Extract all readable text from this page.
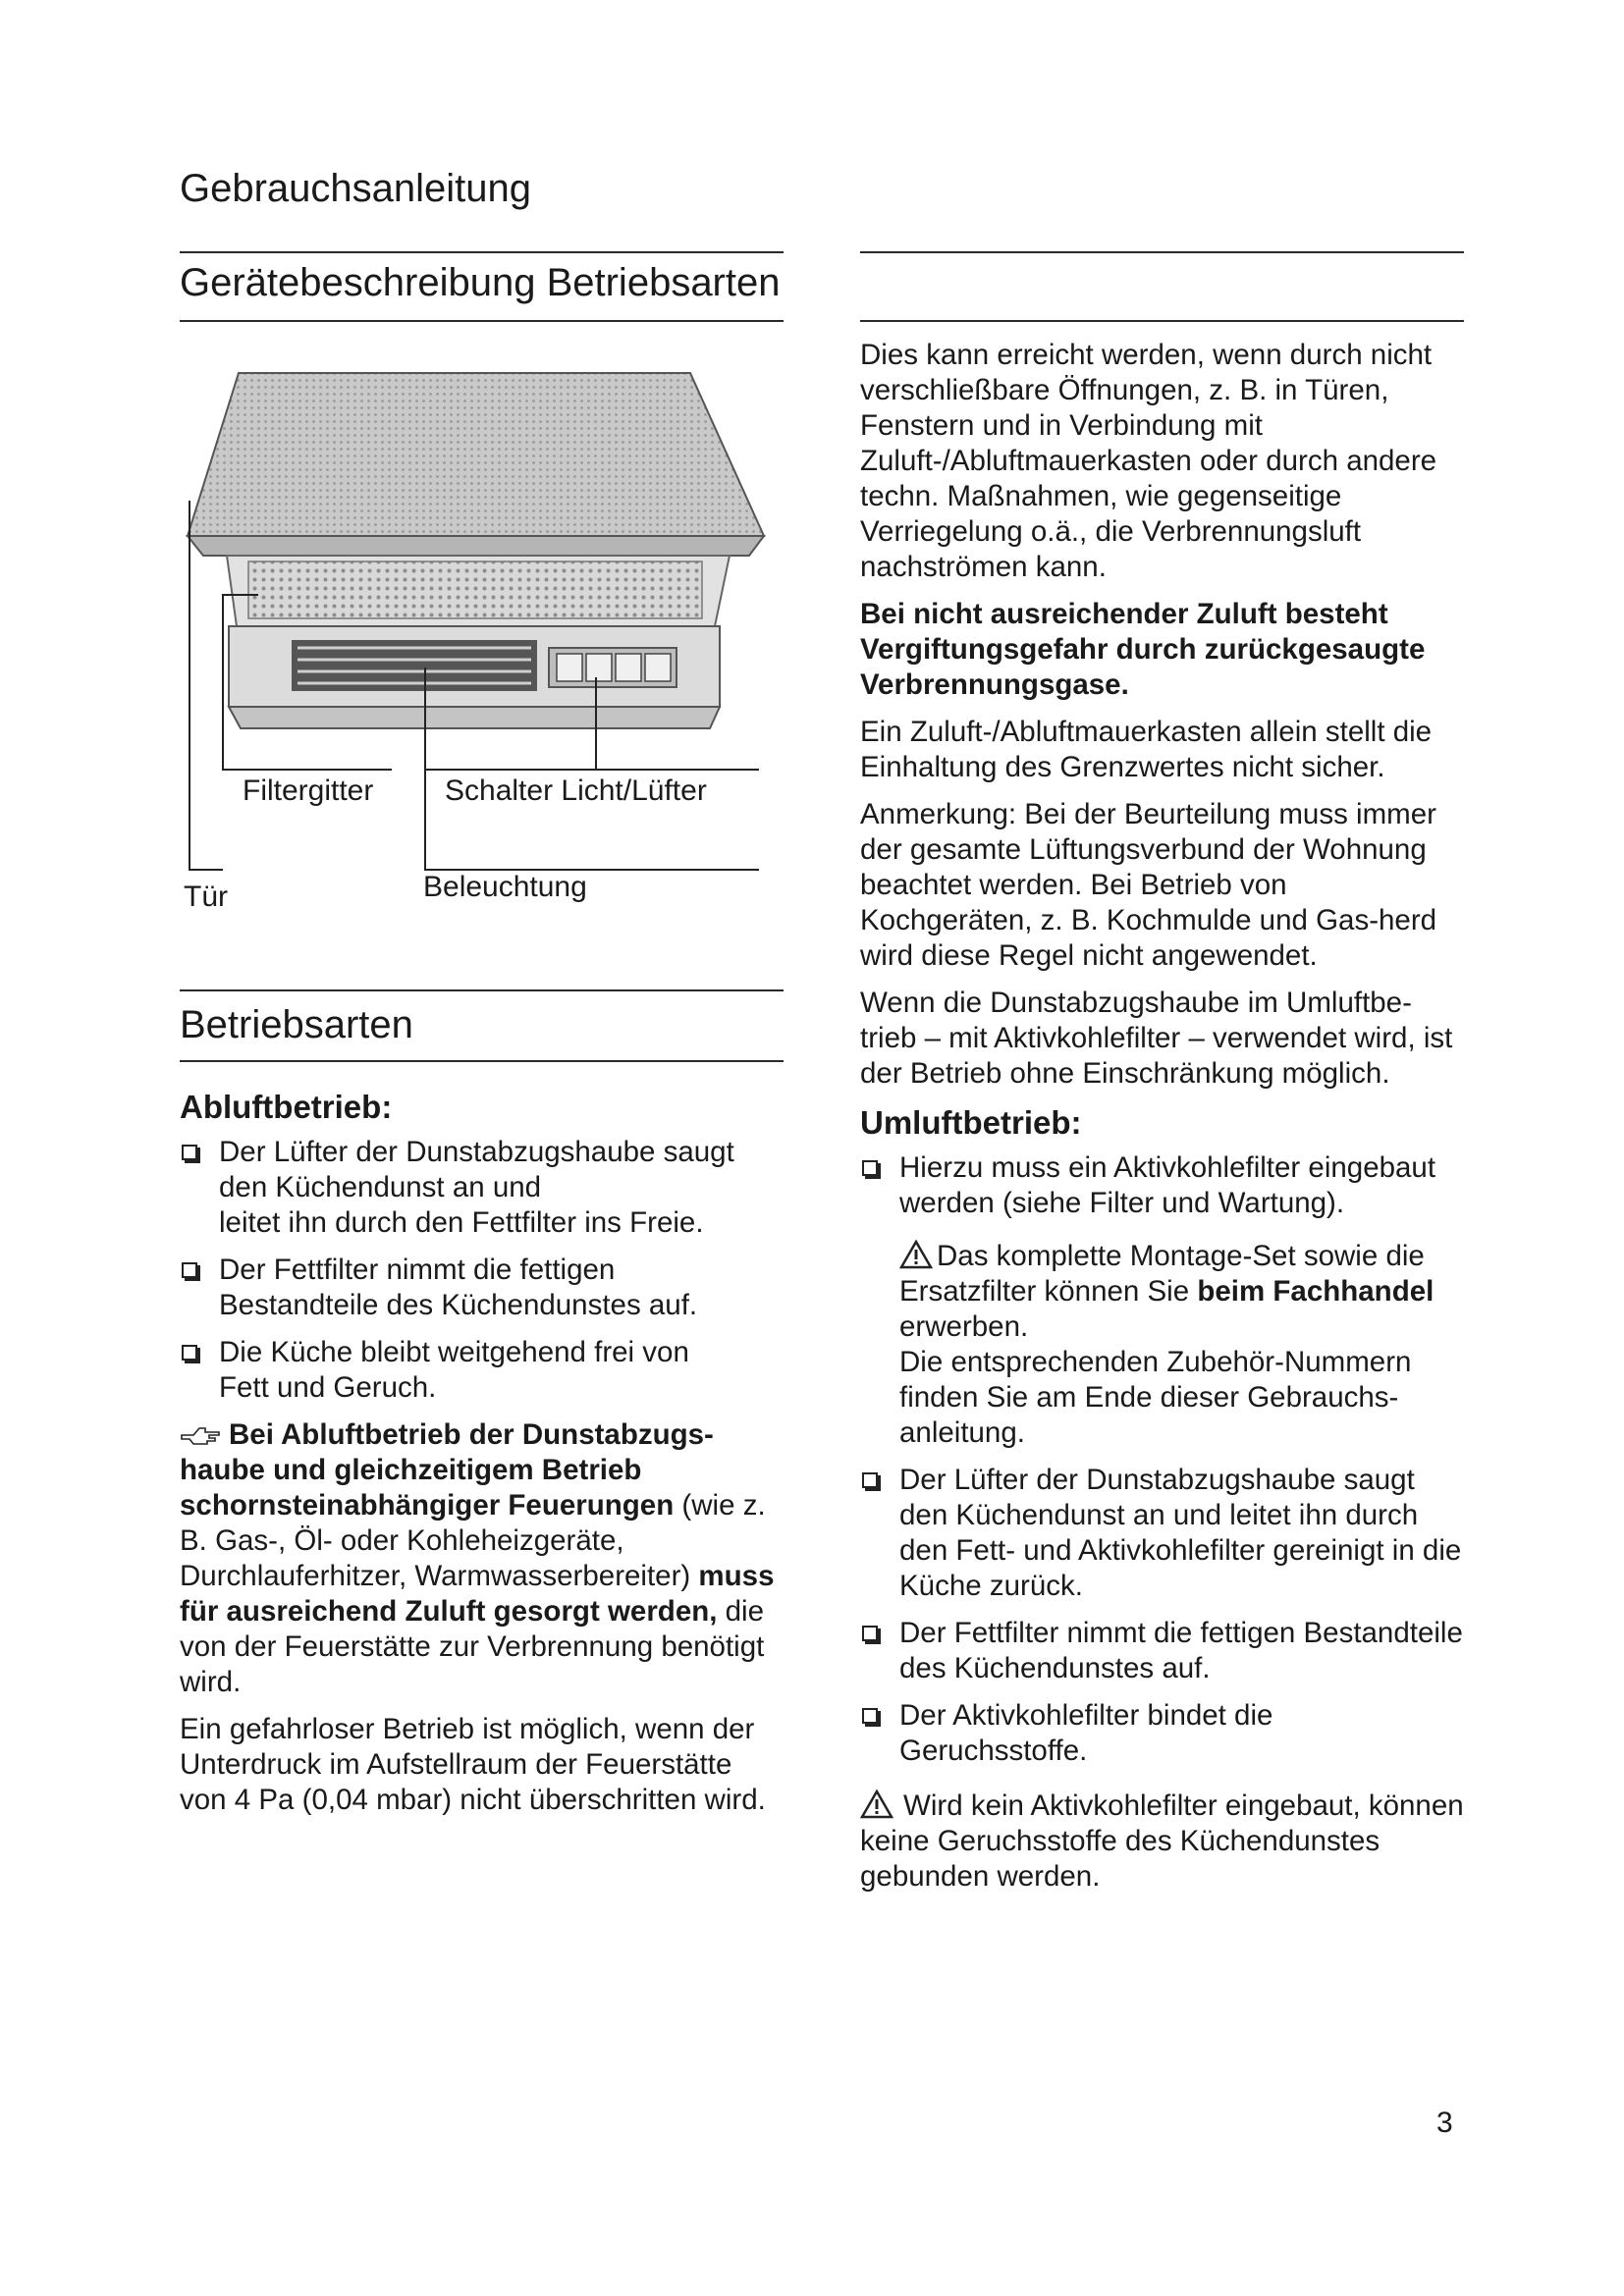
Gebrauchsanleitung
Gerätebeschreibung Betriebsarten
Filtergitter Schalter Licht/Lüfter
Tür	Beleuchtung
Betriebsarten
Abluftbetrieb:
Der Lüfter der Dunstabzugshaube saugt
den Küchendunst an und
leitet ihn durch den Fettfilter ins Freie.
Der Fettfilter nimmt die fettigen
Bestandteile des Küchendunstes auf.
Die Küche bleibt weitgehend frei von
Fett und Geruch.

Bei Abluftbetrieb der Dunstabzugs-haube und gleichzeitigem Betrieb schornsteinabhängiger Feuerungen (wie z. B. Gas-, Öl- oder Kohleheizgeräte, Durchlauferhitzer, Warmwasserbereiter) muss für ausreichend Zuluft gesorgt werden, die von der Feuerstätte zur Verbrennung benötigt wird.

Ein gefahrloser Betrieb ist möglich, wenn der Unterdruck im Aufstellraum der Feuerstätte von 4 Pa (0,04 mbar) nicht überschritten wird.

Dies kann erreicht werden, wenn durch nicht verschließbare Öffnungen, z. B. in Türen, Fenstern und in Verbindung mit Zuluft-/Abluftmauerkasten oder durch andere techn. Maßnahmen, wie gegenseitige Verriegelung o.ä., die Verbrennungsluft nachströmen kann.

Bei nicht ausreichender Zuluft besteht Vergiftungsgefahr durch zurückgesaugte Verbrennungsgase.

Ein Zuluft-/Abluftmauerkasten allein stellt die Einhaltung des Grenzwertes nicht sicher.

Anmerkung: Bei der Beurteilung muss immer der gesamte Lüftungsverbund der Wohnung beachtet werden. Bei Betrieb von Kochgeräten, z. B. Kochmulde und Gas-herd wird diese Regel nicht angewendet.

Wenn die Dunstabzugshaube im Umluftbe-trieb – mit Aktivkohlefilter – verwendet wird, ist der Betrieb ohne Einschränkung möglich.

Umluftbetrieb:
Hierzu muss ein Aktivkohlefilter eingebaut werden (siehe Filter und Wartung).

Das komplette Montage-Set sowie die Ersatzfilter können Sie beim Fachhandel erwerben.
Die entsprechenden Zubehör-Nummern finden Sie am Ende dieser Gebrauchs-anleitung.

Der Lüfter der Dunstabzugshaube saugt den Küchendunst an und leitet ihn durch den Fett- und Aktivkohlefilter gereinigt in die Küche zurück.
Der Fettfilter nimmt die fettigen Bestandteile des Küchendunstes auf.
Der Aktivkohlefilter bindet die Geruchsstoffe.

Wird kein Aktivkohlefilter eingebaut, können keine Geruchsstoffe des Küchendunstes gebunden werden.

3
